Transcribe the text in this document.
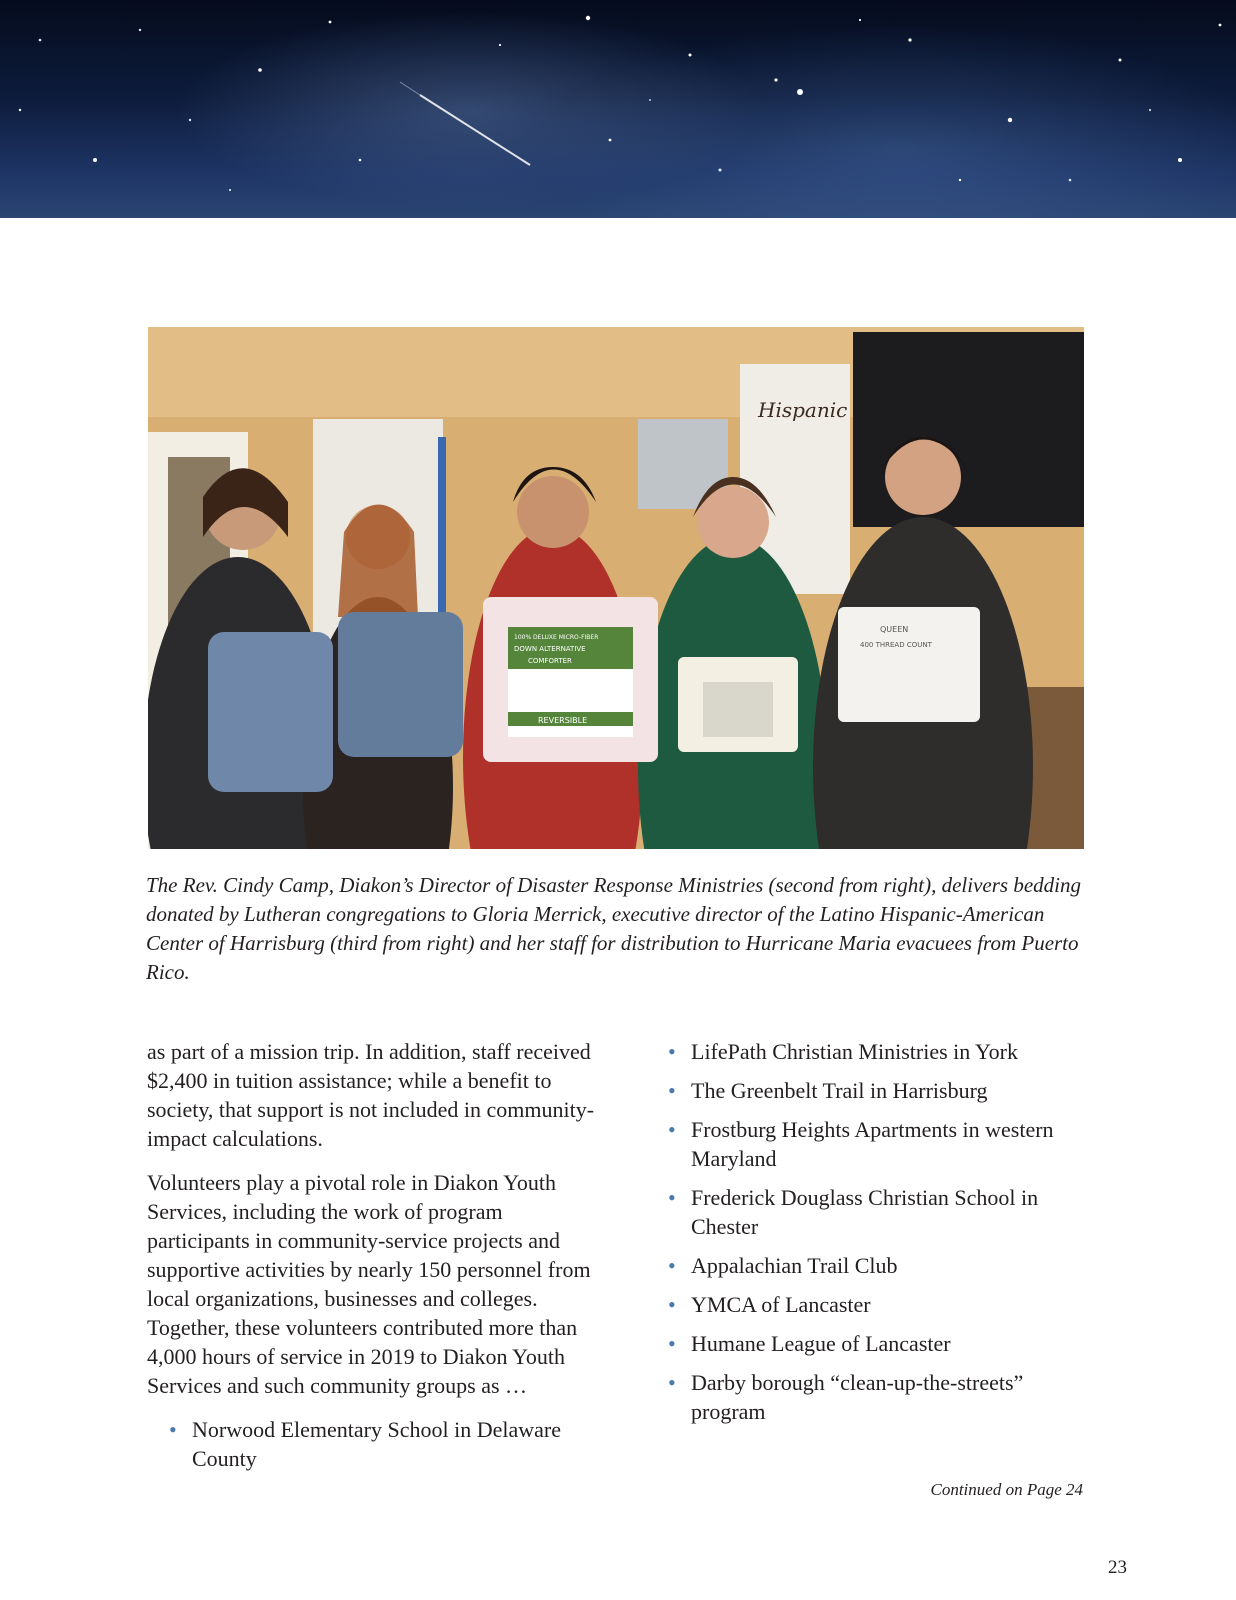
Hispanic
100% DELUXE MICRO-FIBER
DOWN ALTERNATIVE
COMFORTER
REVERSIBLE
QUEEN
400 THREAD COUNT

The Rev. Cindy Camp, Diakon’s Director of Disaster Response Ministries (second from right), delivers bedding donated by Lutheran congregations to Gloria Merrick, executive director of the Latino Hispanic-American Center of Harrisburg (third from right) and her staff for distribution to Hurricane Maria evacuees from Puerto Rico.

as part of a mission trip. In addition, staff received $2,400 in tuition assistance; while a benefit to society, that support is not included in community-impact calculations.

Volunteers play a pivotal role in Diakon Youth Services, including the work of program participants in community-service projects and supportive activities by nearly 150 personnel from local organizations, businesses and colleges. Together, these volunteers contributed more than 4,000 hours of service in 2019 to Diakon Youth Services and such community groups as …

• Norwood Elementary School in Delaware County
• LifePath Christian Ministries in York
• The Greenbelt Trail in Harrisburg
• Frostburg Heights Apartments in western Maryland
• Frederick Douglass Christian School in Chester
• Appalachian Trail Club
• YMCA of Lancaster
• Humane League of Lancaster
• Darby borough “clean-up-the-streets” program
Continued on Page 24
23
